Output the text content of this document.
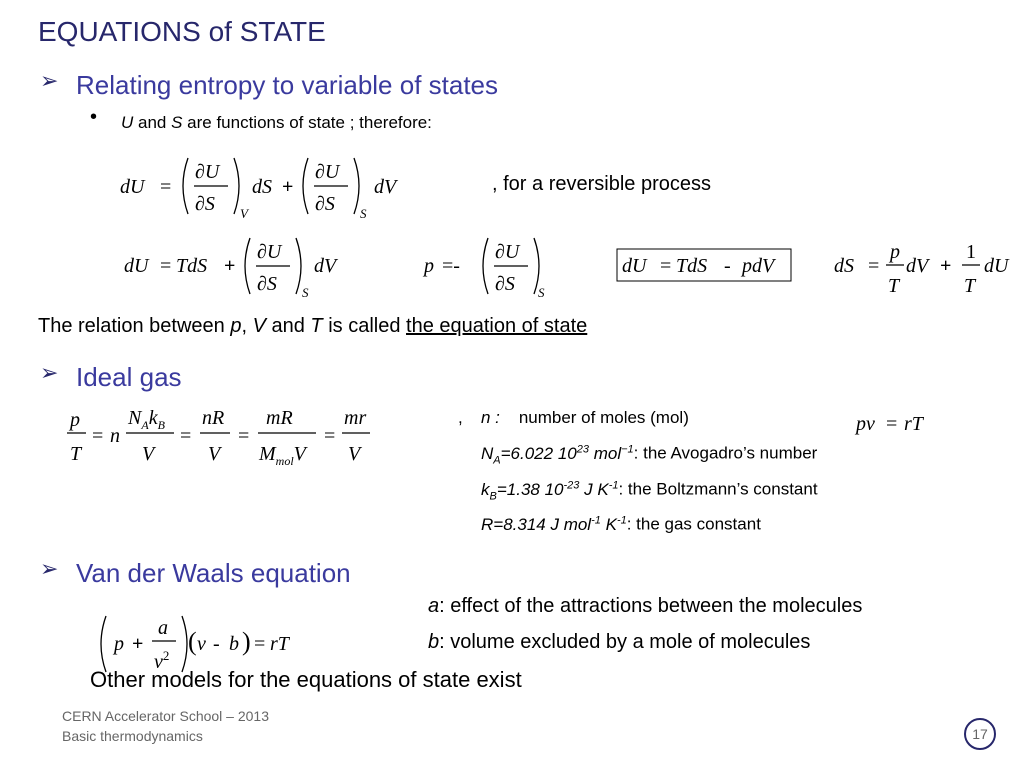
EQUATIONS of STATE
➢ Relating entropy to variable of states
• U and S are functions of state ; therefore:
dU =
∂U
∂S V
dS +
∂U
∂S S
dV	, for a reversible process
dU = TdS +
∂U
∂S S
dV	p =-
∂U
∂S S
dU = TdS - pdV	dS =
p
T
dV +
1
T
dU
The relation between p, V and T is called the equation of state
➢ Ideal gas
p
T
= n
$N_Ak_B$
V
=
nR
V
=
mR
$M_{mol}V$
=
mr
V
, n : number of moles (mol)	pv = rT
$N_A=6.022$ $10^{23}$ mol$^{-1}$: the Avogadro’s number
$k_B=1.38$ $10^{-23}$ J $K^{-1}$: the Boltzmann’s constant
R=8.314 J mol$^{-1}$ $K^{-1}$: the gas constant
➢ Van der Waals equation
a: effect of the attractions between the molecules
b: volume excluded by a mole of molecules
p +
a
$v^2$ ( v - b ) = rT
Other models for the equations of state exist
CERN Accelerator School – 2013
Basic thermodynamics	17
